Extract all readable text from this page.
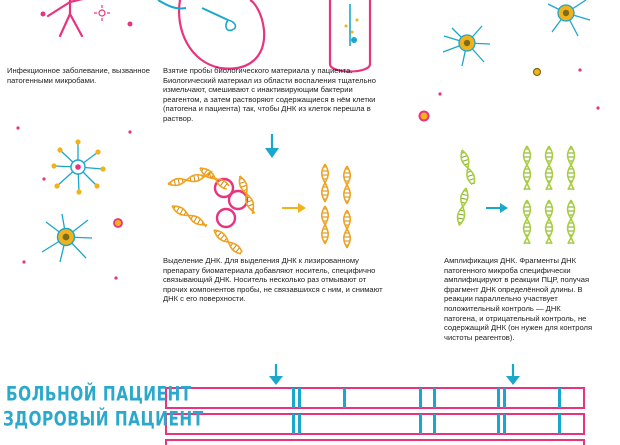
Инфекционное заболевание, вызванное патогенными микробами.
Взятие пробы биологического материала у пациента. Биологический материал из области воспаления тщательно измельчают, смешивают с инактивирующим бактерии реагентом, а затем растворяют содержащиеся в нём клетки (патогена и пациента) так, чтобы ДНК из клеток перешла в раствор.
Выделение ДНК. Для выделения ДНК к лизированному препарату биоматериала добавляют носитель, специфично связывающий ДНК. Носитель несколько раз отмывают от прочих компонентов пробы, не связавшихся с ним, и снимают ДНК с его поверхности.
Амплификация ДНК. Фрагменты ДНК патогенного микроба специфически амплифицируют в реакции ПЦР, получая фрагмент ДНК определённой длины. В реакции параллельно участвует положительный контроль — ДНК патогена, и отрицательный контроль, не содержащий ДНК (он нужен для контроля чистоты реагентов).
БОЛЬНОЙ ПАЦИЕНТ
ЗДОРОВЫЙ ПАЦИЕНТ
